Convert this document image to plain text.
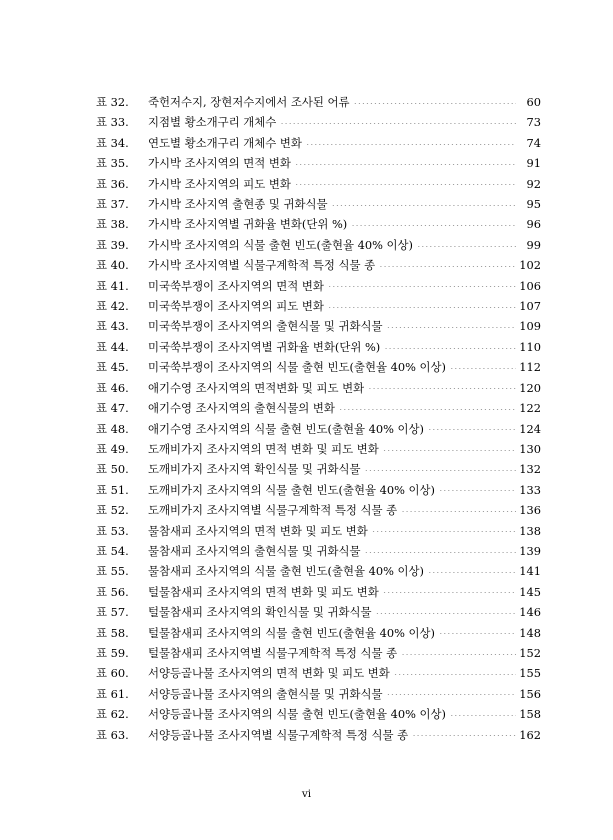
표 32.	죽헌저수지, 장현저수지에서 조사된 어류 ·····	60
표 33.	지점별 황소개구리 개체수 ·····	73
표 34.	연도별 황소개구리 개체수 변화 ·····	74
표 35.	가시박 조사지역의 면적 변화 ·····	91
표 36.	가시박 조사지역의 피도 변화 ·····	92
표 37.	가시박 조사지역 출현종 및 귀화식물 ·····	95
표 38.	가시박 조사지역별 귀화율 변화(단위 %) ·····	96
표 39.	가시박 조사지역의 식물 출현 빈도(출현율 40% 이상) ·····	99
표 40.	가시박 조사지역별 식물구계학적 특정 식물 종 ·····	102
표 41.	미국쑥부쟁이 조사지역의 면적 변화 ·····	106
표 42.	미국쑥부쟁이 조사지역의 피도 변화 ·····	107
표 43.	미국쑥부쟁이 조사지역의 출현식물 및 귀화식물 ·····	109
표 44.	미국쑥부쟁이 조사지역별 귀화율 변화(단위 %) ·····	110
표 45.	미국쑥부쟁이 조사지역의 식물 출현 빈도(출현율 40% 이상) ·····	112
표 46.	애기수영 조사지역의 면적변화 및 피도 변화 ·····	120
표 47.	애기수영 조사지역의 출현식물의 변화 ·····	122
표 48.	애기수영 조사지역의 식물 출현 빈도(출현율 40% 이상) ·····	124
표 49.	도깨비가지 조사지역의 면적 변화 및 피도 변화 ·····	130
표 50.	도깨비가지 조사지역 확인식물 및 귀화식물 ·····	132
표 51.	도깨비가지 조사지역의 식물 출현 빈도(출현율 40% 이상) ·····	133
표 52.	도깨비가지 조사지역별 식물구계학적 특정 식물 종 ·····	136
표 53.	물참새피 조사지역의 면적 변화 및 피도 변화 ·····	138
표 54.	물참새피 조사지역의 출현식물 및 귀화식물 ·····	139
표 55.	물참새피 조사지역의 식물 출현 빈도(출현율 40% 이상) ·····	141
표 56.	털물참새피 조사지역의 면적 변화 및 피도 변화 ·····	145
표 57.	털물참새피 조사지역의 확인식물 및 귀화식물 ·····	146
표 58.	털물참새피 조사지역의 식물 출현 빈도(출현율 40% 이상) ·····	148
표 59.	털물참새피 조사지역별 식물구계학적 특정 식물 종 ·····	152
표 60.	서양등골나물 조사지역의 면적 변화 및 피도 변화 ·····	155
표 61.	서양등골나물 조사지역의 출현식물 및 귀화식물 ·····	156
표 62.	서양등골나물 조사지역의 식물 출현 빈도(출현율 40% 이상) ·····	158
표 63.	서양등골나물 조사지역별 식물구계학적 특정 식물 종 ·····	162
vi
